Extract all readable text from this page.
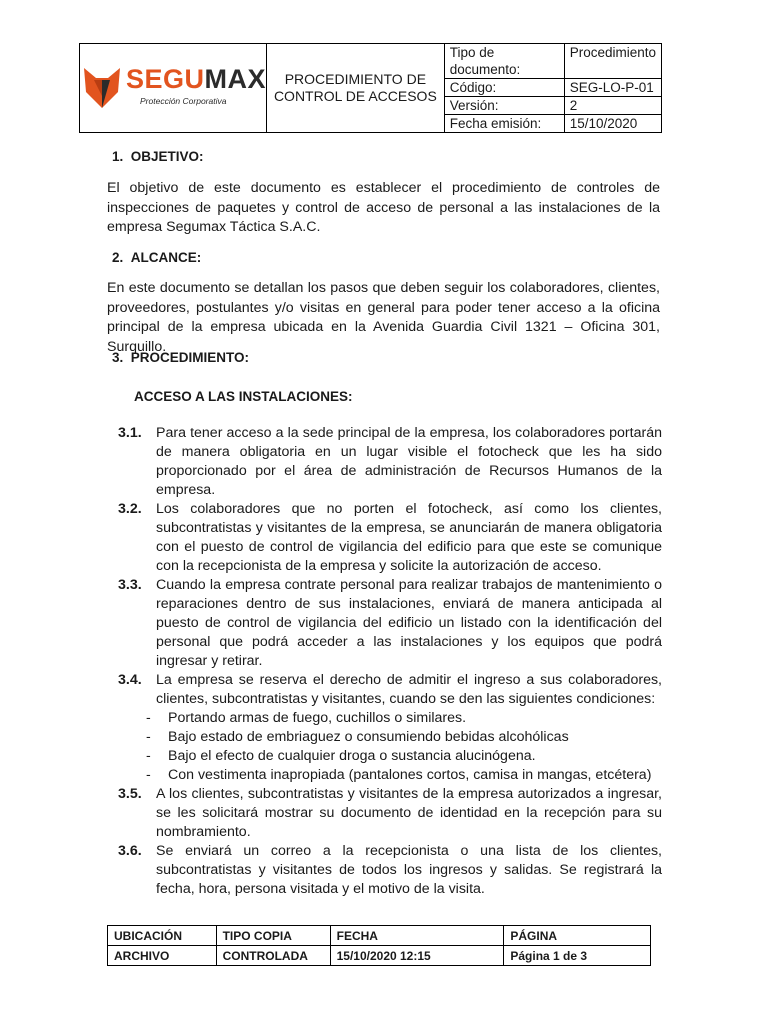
SEGUMAX
Protección Corporativa	PROCEDIMIENTO DE CONTROL DE ACCESOS	Tipo de documento:	Procedimiento
		Código:	SEG-LO-P-01
		Versión:	2
		Fecha emisión:	15/10/2020
1.  OBJETIVO:

El objetivo de este documento es establecer el procedimiento de controles de inspecciones de paquetes y control de acceso de personal a las instalaciones de la empresa Segumax Táctica S.A.C.

2.  ALCANCE:

En este documento se detallan los pasos que deben seguir los colaboradores, clientes, proveedores, postulantes y/o visitas en general para poder tener acceso a la oficina principal de la empresa ubicada en la Avenida Guardia Civil 1321 – Oficina 301, Surquillo.

3.  PROCEDIMIENTO:
ACCESO A LAS INSTALACIONES:
3.1.	Para tener acceso a la sede principal de la empresa, los colaboradores portarán de manera obligatoria en un lugar visible el fotocheck que les ha sido proporcionado por el área de administración de Recursos Humanos de la empresa.
3.2.	Los colaboradores que no porten el fotocheck, así como los clientes, subcontratistas y visitantes de la empresa, se anunciarán de manera obligatoria con el puesto de control de vigilancia del edificio para que este se comunique con la recepcionista de la empresa y solicite la autorización de acceso.
3.3.	Cuando la empresa contrate personal para realizar trabajos de mantenimiento o reparaciones dentro de sus instalaciones, enviará de manera anticipada al puesto de control de vigilancia del edificio un listado con la identificación del personal que podrá acceder a las instalaciones y los equipos que podrá ingresar y retirar.
3.4.	La empresa se reserva el derecho de admitir el ingreso a sus colaboradores, clientes, subcontratistas y visitantes, cuando se den las siguientes condiciones:
-	Portando armas de fuego, cuchillos o similares.
-	Bajo estado de embriaguez o consumiendo bebidas alcohólicas
-	Bajo el efecto de cualquier droga o sustancia alucinógena.
-	Con vestimenta inapropiada (pantalones cortos, camisa in mangas, etcétera)
3.5.	A los clientes, subcontratistas y visitantes de la empresa autorizados a ingresar, se les solicitará mostrar su documento de identidad en la recepción para su nombramiento.
3.6.	Se enviará un correo a la recepcionista o una lista de los clientes, subcontratistas y visitantes de todos los ingresos y salidas. Se registrará la fecha, hora, persona visitada y el motivo de la visita.
UBICACIÓN	TIPO COPIA	FECHA	PÁGINA
ARCHIVO	CONTROLADA	15/10/2020 12:15	Página 1 de 3
